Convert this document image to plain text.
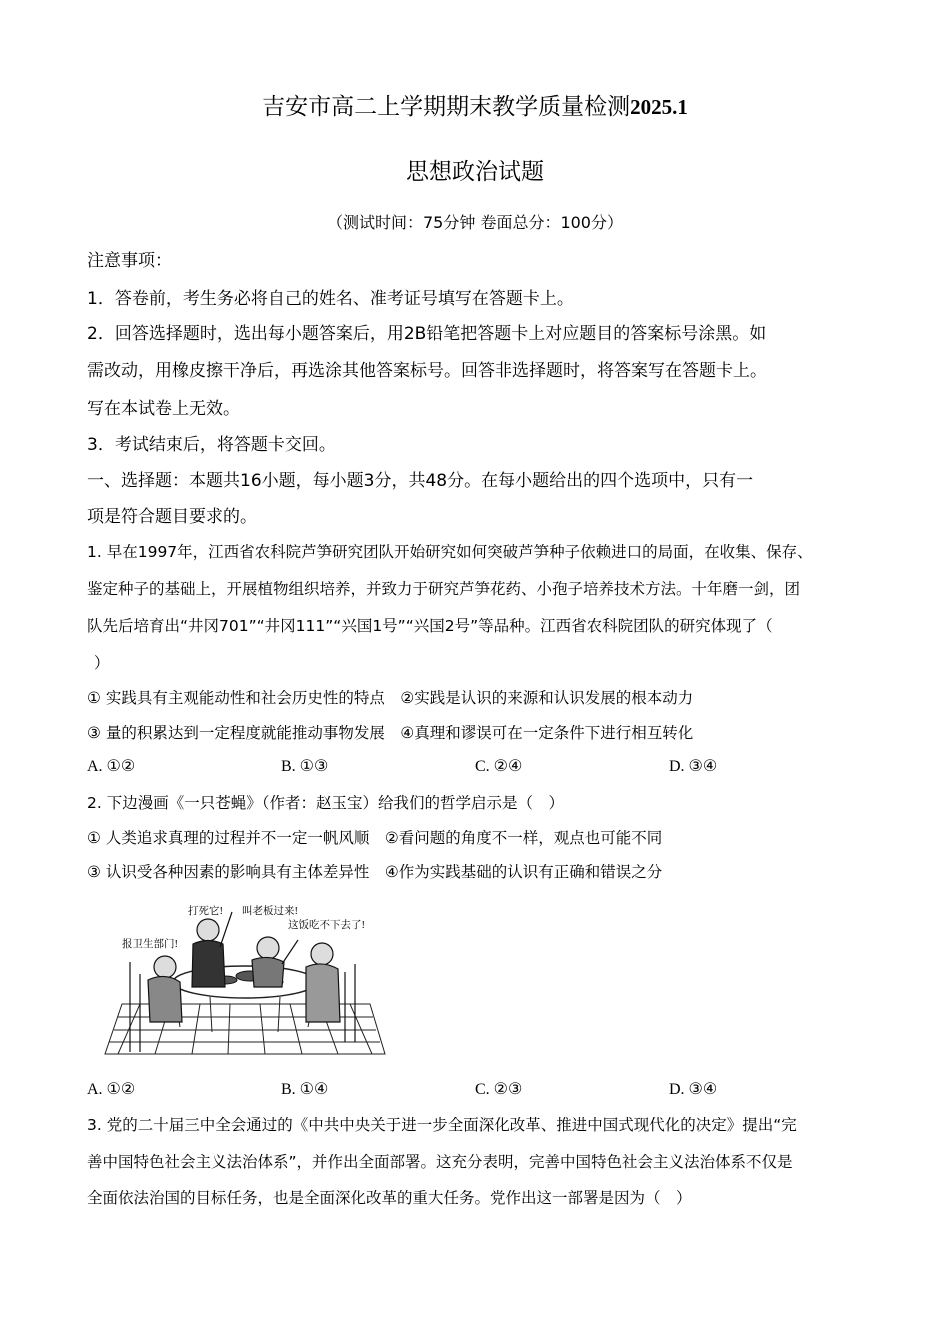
吉安市高二上学期期末教学质量检测2025.1
思想政治试题
（测试时间：75分钟 卷面总分：100分）
注意事项：
1．答卷前，考生务必将自己的姓名、准考证号填写在答题卡上。
2．回答选择题时，选出每小题答案后，用2B铅笔把答题卡上对应题目的答案标号涂黑。如
需改动，用橡皮擦干净后，再选涂其他答案标号。回答非选择题时，将答案写在答题卡上。
写在本试卷上无效。
3．考试结束后，将答题卡交回。
一、选择题：本题共16小题，每小题3分，共48分。在每小题给出的四个选项中，只有一
项是符合题目要求的。
1. 早在1997年，江西省农科院芦笋研究团队开始研究如何突破芦笋种子依赖进口的局面，在收集、保存、
鉴定种子的基础上，开展植物组织培养，并致力于研究芦笋花药、小孢子培养技术方法。十年磨一剑，团
队先后培育出“井冈701”“井冈111”“兴国1号”“兴国2号”等品种。江西省农科院团队的研究体现了（
）
① 实践具有主观能动性和社会历史性的特点　②实践是认识的来源和认识发展的根本动力
③ 量的积累达到一定程度就能推动事物发展　④真理和谬误可在一定条件下进行相互转化
A. ①②	B. ①③	C. ②④	D. ③④
2. 下边漫画《一只苍蝇》（作者：赵玉宝）给我们的哲学启示是（　）
① 人类追求真理的过程并不一定一帆风顺　②看问题的角度不一样，观点也可能不同
③ 认识受各种因素的影响具有主体差异性　④作为实践基础的认识有正确和错误之分
打死它! 叫老板过来!
这饭吃不下去了!
报卫生部门!
A. ①②	B. ①④	C. ②③	D. ③④
3. 党的二十届三中全会通过的《中共中央关于进一步全面深化改革、推进中国式现代化的决定》提出“完
善中国特色社会主义法治体系”，并作出全面部署。这充分表明，完善中国特色社会主义法治体系不仅是
全面依法治国的目标任务，也是全面深化改革的重大任务。党作出这一部署是因为（　）
